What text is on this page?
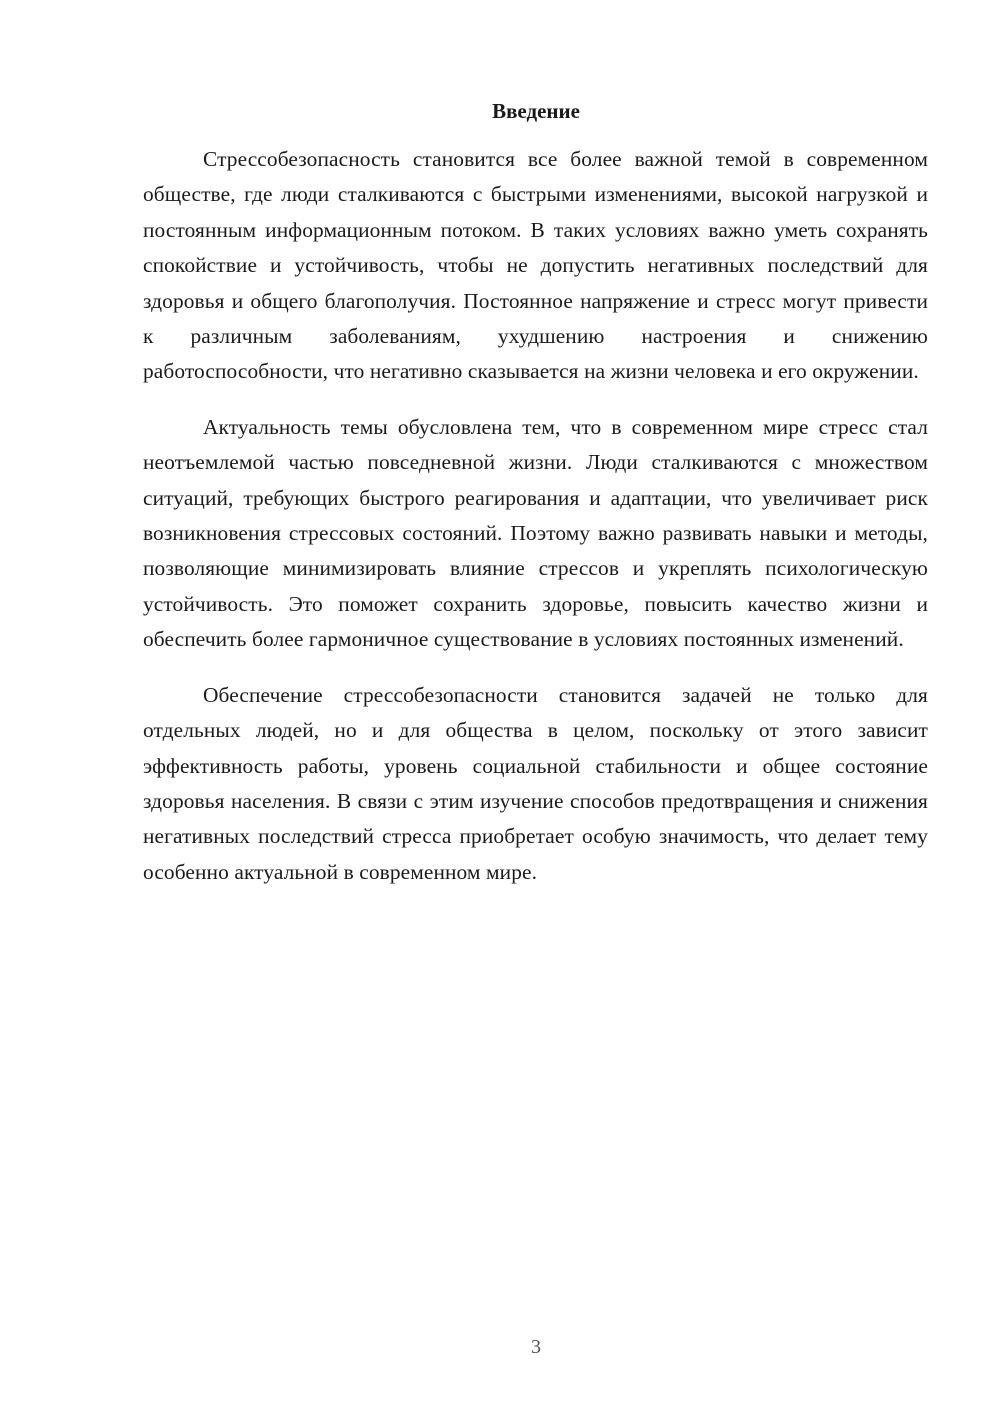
Введение

Стрессобезопасность становится все более важной темой в современном обществе, где люди сталкиваются с быстрыми изменениями, высокой нагрузкой и постоянным информационным потоком. В таких условиях важно уметь сохранять спокойствие и устойчивость, чтобы не допустить негативных последствий для здоровья и общего благополучия. Постоянное напряжение и стресс могут привести к различным заболеваниям, ухудшению настроения и снижению работоспособности, что негативно сказывается на жизни человека и его окружении.

Актуальность темы обусловлена тем, что в современном мире стресс стал неотъемлемой частью повседневной жизни. Люди сталкиваются с множеством ситуаций, требующих быстрого реагирования и адаптации, что увеличивает риск возникновения стрессовых состояний. Поэтому важно развивать навыки и методы, позволяющие минимизировать влияние стрессов и укреплять психологическую устойчивость. Это поможет сохранить здоровье, повысить качество жизни и обеспечить более гармоничное существование в условиях постоянных изменений.

Обеспечение стрессобезопасности становится задачей не только для отдельных людей, но и для общества в целом, поскольку от этого зависит эффективность работы, уровень социальной стабильности и общее состояние здоровья населения. В связи с этим изучение способов предотвращения и снижения негативных последствий стресса приобретает особую значимость, что делает тему особенно актуальной в современном мире.

3
